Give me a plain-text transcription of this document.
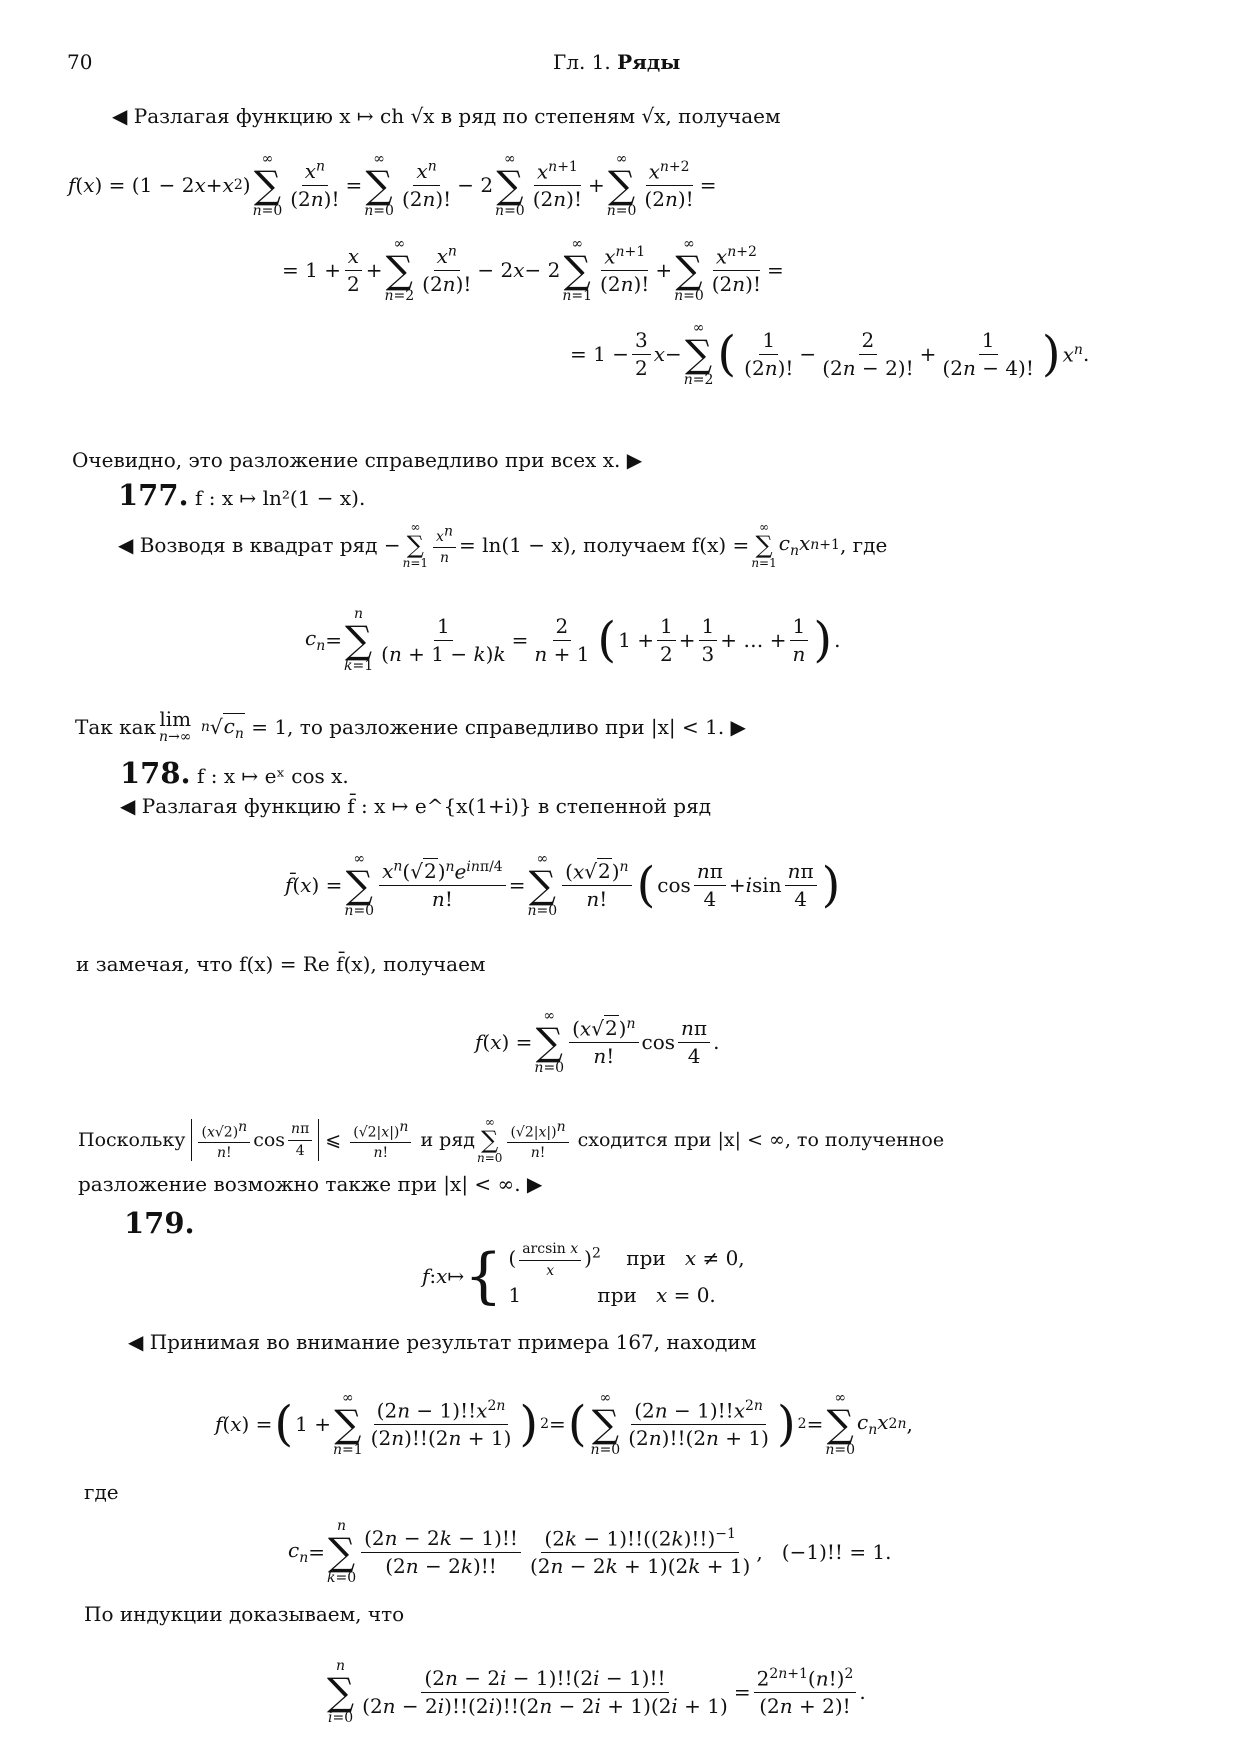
70	Гл. 1. Ряды
◀ Разлагая функцию x ↦ ch √x в ряд по степеням √x, получаем
f ( x ) = (1 − 2 x + x 2 )
∞
∑
$n=0 \frac{x^n}{(2n)!}$ =
∞
∑
$n=0 \frac{x^n}{(2n)!} - 2$
∞
∑
$n=0 \frac{x^{n+1}}{(2n)!}$ +
∞
∑
$n=0 \frac{x^{n+2}}{(2n)!}$ =
= $1 + \frac{x}{2}$ +
∞
∑
$n=2 \frac{x^n}{(2n)!} - 2$ x − 2
∞
∑
$n=1 \frac{x^{n+1}}{(2n)!}$ +
∞
∑
$n=0 \frac{x^{n+2}}{(2n)!}$ =
= $1 - \frac{3}{2}$ x −
∞
∑
n=2 ( $\frac{1}{(2n)!} - \frac{2}{(2n - 2)!} + \frac{1}{(2n - 4)!}$ ) $x^n$ .
Очевидно, это разложение справедливо при всех x. ▶
177. f : x ↦ ln²(1 − x).
◀ Возводя в квадрат ряд −
∞
∑
$n=1 \frac{x^n}{n} = \ln(1 - x)$, получаем f(x) =
∞
∑
n=1
$c_nx$ n+1 , где
$c_n$ =
n
∑
k=1
$\frac{1}{(n + 1 - k)k} = \frac{2}{n + 1}$ ( $1 + \frac{1}{2} + \frac{1}{3}$ + … + $\frac{1}{n}$ ) .
Так как lim
n→∞

n √ $c_n$
= 1, то разложение справедливо при |x| < 1. ▶
178. f : x ↦ eˣ cos x.
◀ Разлагая функцию f̄ : x ↦ e^{x(1+i)} в степенной ряд
f̄ ( x ) =
∞
∑
$n=0 \frac{x^n(√2)^ne^{in\pi/4}}{n!}$ =
∞
∑
$n=0 \frac{(x√2)^n}{n!}$ ( $\cos \frac{n\pi}{4} + i$ $\sin \frac{n\pi}{4}$ )
и замечая, что f(x) = Re f̄(x), получаем
f ( x ) =
∞
∑
$n=0 \frac{(x√2)^n}{n!}$ $\cos \frac{n\pi}{4}$ .
Поскольку
$\frac{(x√2)^n}{n!}$ $\cos \frac{n\pi}{4}$ ⩽ $\frac{(√2|x|)^n}{n!}$
и ряд
∞
∑
$n=0 \frac{(√2|x|)^n}{n!}$
сходится при |x| < ∞, то полученное
разложение возможно также при |x| < ∞. ▶
179.
f : x ↦ { ( $\frac{\text{arcsin x}}{x} )^2$    при   x ≠ 0,
1            при   x = 0.
◀ Принимая во внимание результат примера 167, находим
f ( x ) = ( 1 +
∞
∑
$n=1 \frac{(2n - 1)!!x^{2n}}{(2n)!!(2n + 1)}$ ) 2 = ( ∞
∑
$n=0 \frac{(2n - 1)!!x^{2n}}{(2n)!!(2n + 1)}$ ) 2 =
∞
∑
n=0
$c_nx$ 2n ,
где
$c_n$ =
n
∑
k=0
$\frac{(2n - 2k - 1)!!}{(2n - 2k)!!} \frac{(2k - 1)!!((2k)!!)^{-1}}{(2n - 2k + 1)(2k + 1)}$ , (−1)!! = 1.
По индукции доказываем, что
n
∑
i=0
$\frac{(2n - 2i - 1)!!(2i - 1)!!}{(2n - 2i)!!(2i)!!(2n - 2i + 1)(2i + 1)} = \frac{2^{2n+1}(n!)^2}{(2n + 2)!}$ .
